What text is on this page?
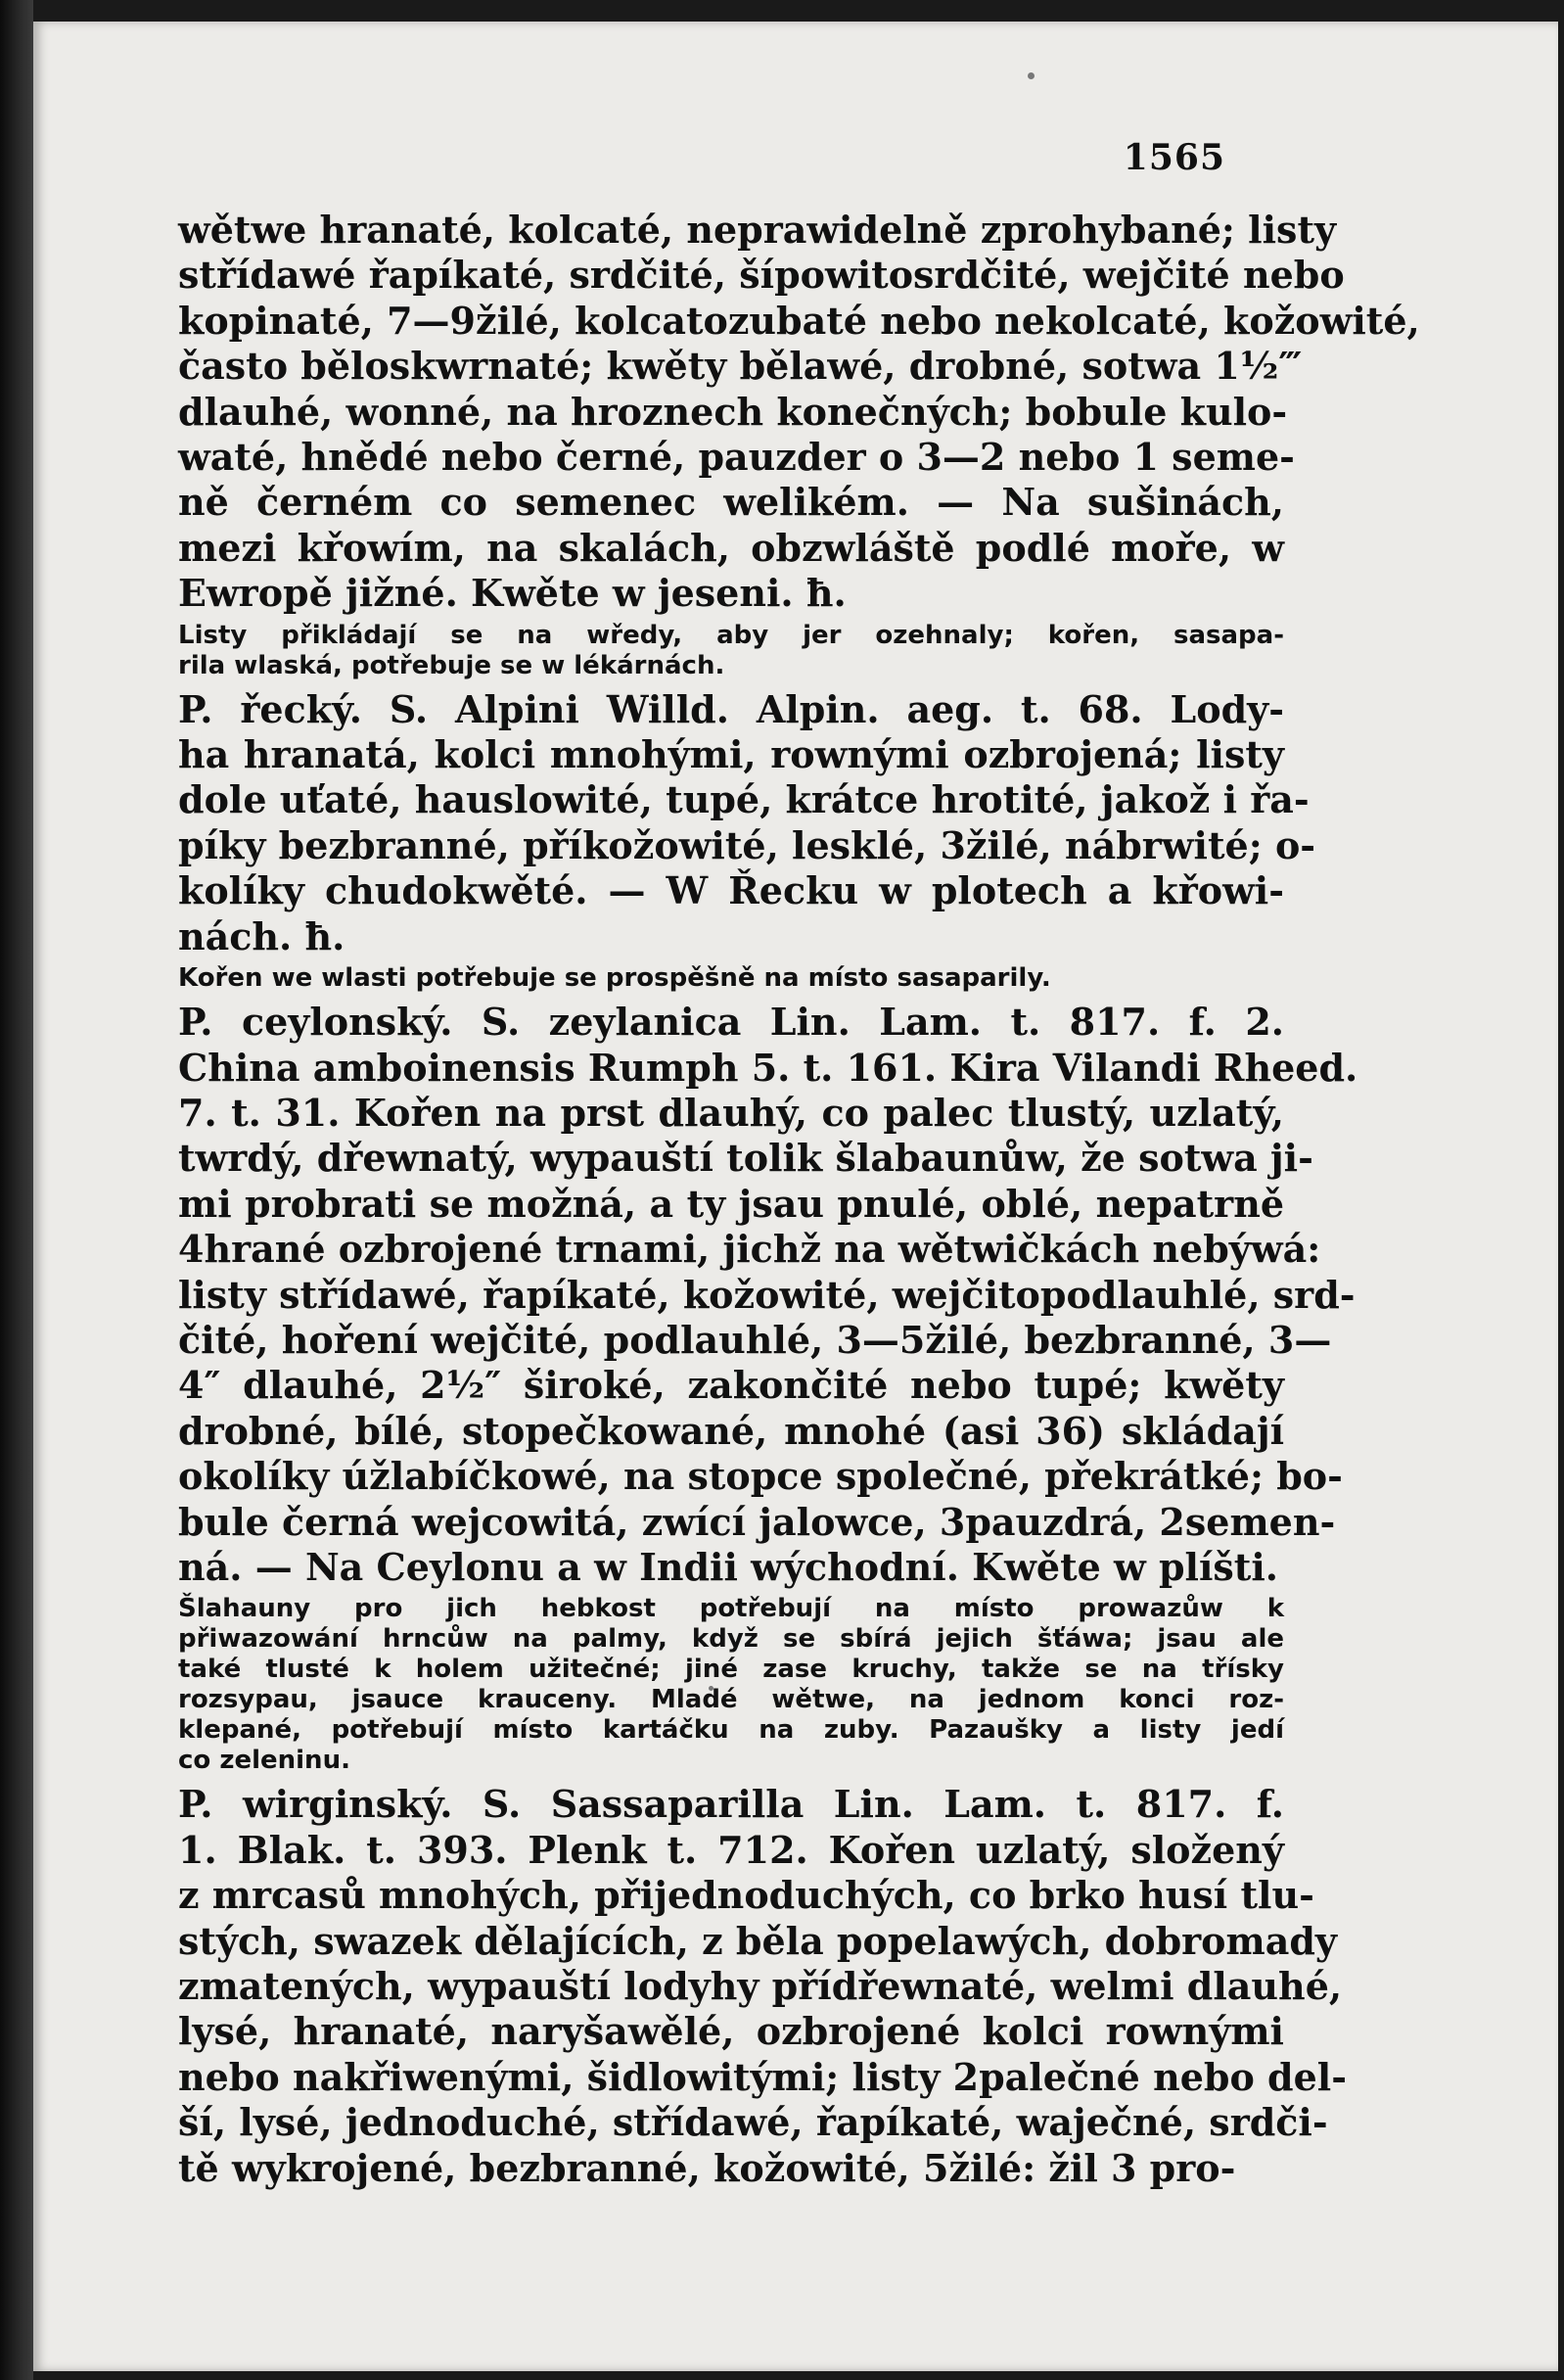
1565
wětwe hranaté, kolcaté, neprawidelně zprohybané; listy
střídawé řapíkaté, srdčité, šípowitosrdčité, wejčité nebo
kopinaté, 7—9žilé, kolcatozubaté nebo nekolcaté, kožowité,
často běloskwrnaté; kwěty bělawé, drobné, sotwa 1½‴
dlauhé, wonné, na hroznech konečných; bobule kulo-
waté, hnědé nebo černé, pauzder o 3—2 nebo 1 seme-
ně černém co semenec welikém. — Na sušinách,
mezi křowím, na skalách, obzwláště podlé moře, w
Ewropě jižné. Kwěte w jeseni. ħ.
Listy přikládají se na wředy, aby jer ozehnaly; kořen, sasapa-
rila wlaská, potřebuje se w lékárnách.
P. řecký. S. Alpini Willd. Alpin. aeg. t. 68. Lody-
ha hranatá, kolci mnohými, rownými ozbrojená; listy
dole uťaté, hauslowité, tupé, krátce hrotité, jakož i řa-
píky bezbranné, příkožowité, lesklé, 3žilé, nábrwité; o-
kolíky chudokwěté. — W Řecku w plotech a křowi-
nách. ħ.
Kořen we wlasti potřebuje se prospěšně na místo sasaparily.
P. ceylonský. S. zeylanica Lin. Lam. t. 817. f. 2.
China amboinensis Rumph 5. t. 161. Kira Vilandi Rheed.
7. t. 31. Kořen na prst dlauhý, co palec tlustý, uzlatý,
twrdý, dřewnatý, wypauští tolik šlabaunůw, že sotwa ji-
mi probrati se možná, a ty jsau pnulé, oblé, nepatrně
4hrané ozbrojené trnami, jichž na wětwičkách nebýwá:
listy střídawé, řapíkaté, kožowité, wejčitopodlauhlé, srd-
čité, hoření wejčité, podlauhlé, 3—5žilé, bezbranné, 3—
4″ dlauhé, 2½″ široké, zakončité nebo tupé; kwěty
drobné, bílé, stopečkowané, mnohé (asi 36) skládají
okolíky úžlabíčkowé, na stopce společné, překrátké; bo-
bule černá wejcowitá, zwící jalowce, 3pauzdrá, 2semen-
ná. — Na Ceylonu a w Indii wýchodní. Kwěte w plíšti.
Šlahauny pro jich hebkost potřebují na místo prowazůw k
přiwazowání hrncůw na palmy, když se sbírá jejich šťáwa; jsau ale
také tlusté k holem užitečné; jiné zase kruchy, takže se na třísky
rozsypau, jsauce krauceny. Mladé wětwe, na jednom konci roz-
klepané, potřebují místo kartáčku na zuby. Pazaušky a listy jedí
co zeleninu.
P. wirginský. S. Sassaparilla Lin. Lam. t. 817. f.
1. Blak. t. 393. Plenk t. 712. Kořen uzlatý, složený
z mrcasů mnohých, přijednoduchých, co brko husí tlu-
stých, swazek dělajících, z běla popelawých, dobromady
zmatených, wypauští lodyhy přídřewnaté, welmi dlauhé,
lysé, hranaté, naryšawělé, ozbrojené kolci rownými
nebo nakřiwenými, šidlowitými; listy 2palečné nebo del-
ší, lysé, jednoduché, střídawé, řapíkaté, waječné, srdči-
tě wykrojené, bezbranné, kožowité, 5žilé: žil 3 pro-
